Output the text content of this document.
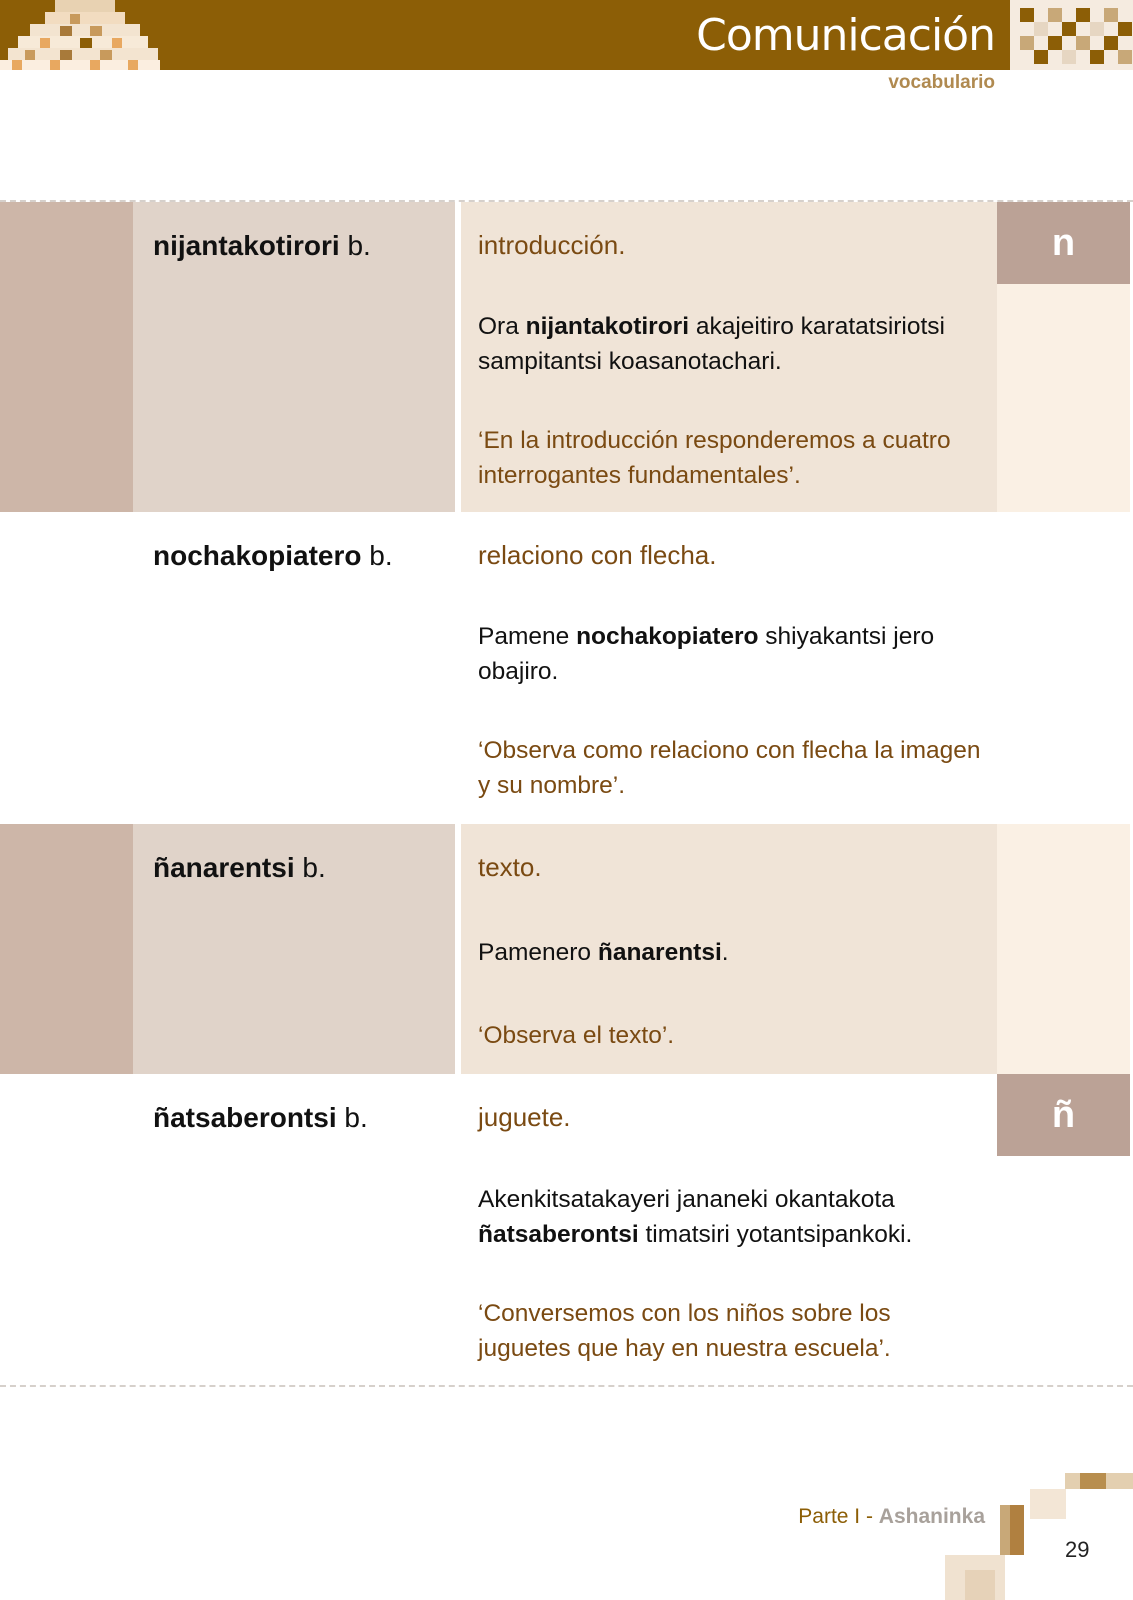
Comunicación
vocabulario
nijantakotirori b.	introducción.
Ora nijantakotirori akajeitiro karatatsiriotsi sampitantsi koasanotachari.
‘En la introducción responderemos a cuatro interrogantes fundamentales’.
n
nochakopiatero b.	relaciono con flecha.
Pamene nochakopiatero shiyakantsi jero obajiro.
‘Observa como relaciono con flecha la imagen y su nombre’.
ñanarentsi b.	texto.
Pamenero ñanarentsi.
‘Observa el texto’.
ñatsaberontsi b.	juguete.
Akenkitsatakayeri jananeki okantakota ñatsaberontsi timatsiri yotantsipankoki.
‘Conversemos con los niños sobre los juguetes que hay en nuestra escuela’.
ñ
Parte I - Ashaninka
29
